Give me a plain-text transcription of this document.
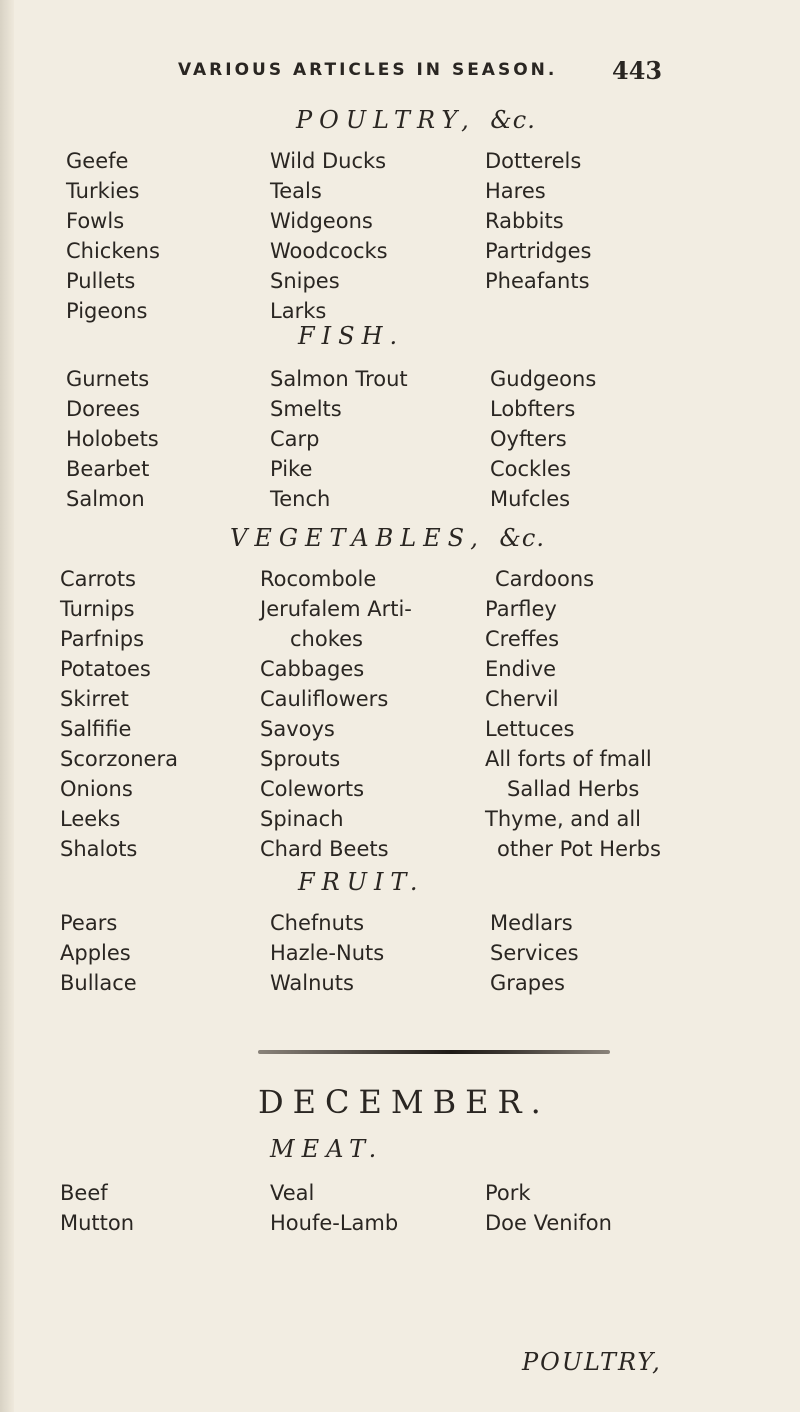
VARIOUS ARTICLES IN SEASON. 443
POULTRY, &c.
Geefe
Turkies
Fowls
Chickens
Pullets
Pigeons
Wild Ducks
Teals
Widgeons
Woodcocks
Snipes
Larks
Dotterels
Hares
Rabbits
Partridges
Pheafants
FISH.
Gurnets
Dorees
Holobets
Bearbet
Salmon
Salmon Trout
Smelts
Carp
Pike
Tench
Gudgeons
Lobfters
Oyfters
Cockles
Mufcles
VEGETABLES, &c.
Carrots
Turnips
Parfnips
Potatoes
Skirret
Salfifie
Scorzonera
Onions
Leeks
Shalots
Rocombole
Jerufalem Arti-
chokes
Cabbages
Cauliflowers
Savoys
Sprouts
Coleworts
Spinach
Chard Beets
Cardoons
Parfley
Creffes
Endive
Chervil
Lettuces
All forts of fmall
Sallad Herbs
Thyme, and all
other Pot Herbs
FRUIT.
Pears
Apples
Bullace
Chefnuts
Hazle-Nuts
Walnuts
Medlars
Services
Grapes
DECEMBER.
MEAT.
Beef
Mutton
Veal
Houfe-Lamb
Pork
Doe Venifon
POULTRY,
